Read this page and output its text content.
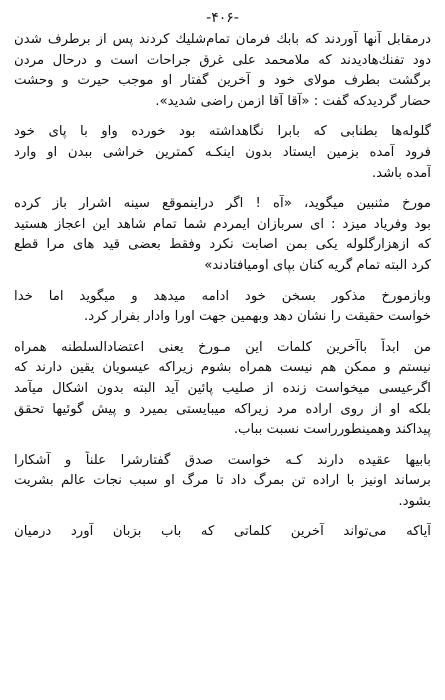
-۴۰۶-

درمقابل آنها آوردند که بابك فرمان تمام‌شلیك کردند پس از برطرف شدن
دود تفنك‌هادیدند که ملامحمد علی غرق جراحات است و درحال مردن
برگشت بطرف مولای خود و آخرین گفتار او موجب حیرت و وحشت
حضار گردیدکه گفت : «آقا آقا ازمن راضی شدید».

گلوله‌ها بطنابی که بابرا نگاهداشته بود خورده واو با پای خود
فرود آمده بزمین ایستاد بدون اینکـه کمترین خراشی ببدن او وارد
آمده باشد.

مورخ مثنبین میگوید، «آه ! اگر دراینموقع سینه اشرار باز کرده
بود وفریاد میزد : ای سربازان ایمردم شما تمام شاهد این اعجاز هستید
که ازهزارگلوله یکی بمن اصابت نکرد وفقط بعضی قید های مرا قطع
کرد البته تمام گریه کنان بپای اومیافتادند»

وبازمورخ مذکور بسخن خود ادامه میدهد و میگوید اما خدا
خواست حقیقت را نشان دهد وبهمین جهت اورا وادار بفرار کرد.

من ابداً باآخرین کلمات این مـورخ یعنی اعتضادالسلطنه همراه
نیستم و ممکن هم نیست همراه بشوم زیراکه عیسویان یقین دارند که
اگرعیسی میخواست زنده از صلیب پائین آید البته بدون اشکال میآمد
بلکه او از روی اراده مرد زیراکه میبایستی بمیرد و پیش گوئیها تحقق
پیداکند وهمینطورراست نسبت بباب.

بابیها عقیده دارند کـه خواست صدق گفتارشرا علناً و آشکارا
برساند اونیز با اراده تن بمرگ داد تا مرگ او سبب نجات عالم بشریت
بشود.

آیاکه می‌تواند آخرین کلماتی که باب بزبان آورد درمیان
